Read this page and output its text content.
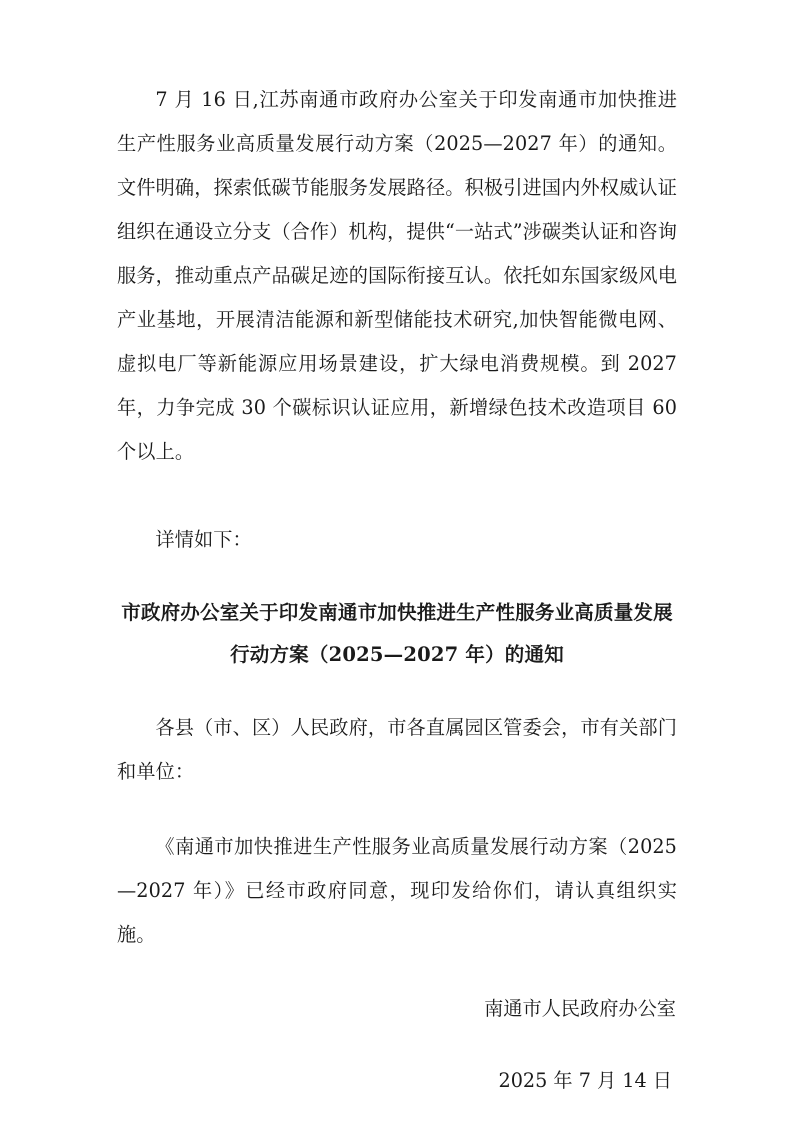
7 月 16 日,江苏南通市政府办公室关于印发南通市加快推进生产性服务业高质量发展行动方案（2025—2027 年）的通知。文件明确，探索低碳节能服务发展路径。积极引进国内外权威认证组织在通设立分支（合作）机构，提供“一站式”涉碳类认证和咨询服务，推动重点产品碳足迹的国际衔接互认。依托如东国家级风电产业基地，开展清洁能源和新型储能技术研究,加快智能微电网、虚拟电厂等新能源应用场景建设，扩大绿电消费规模。到 2027 年，力争完成 30 个碳标识认证应用，新增绿色技术改造项目 60 个以上。

详情如下：

市政府办公室关于印发南通市加快推进生产性服务业高质量发展
行动方案（2025—2027 年）的通知

各县（市、区）人民政府，市各直属园区管委会，市有关部门和单位：

《南通市加快推进生产性服务业高质量发展行动方案（2025—2027 年）》已经市政府同意，现印发给你们，请认真组织实施。

南通市人民政府办公室

2025 年 7 月 14 日
